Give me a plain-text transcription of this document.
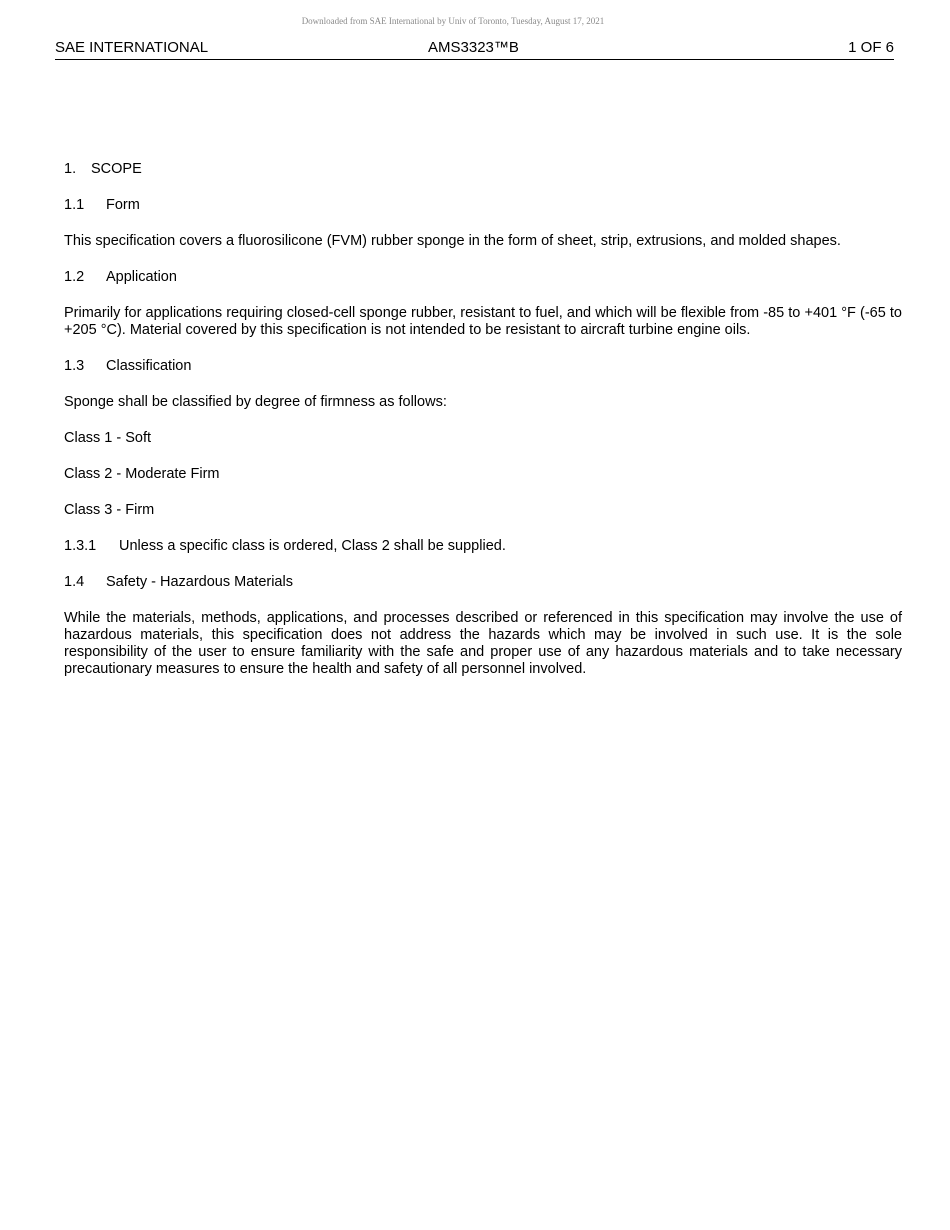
Downloaded from SAE International by Univ of Toronto, Tuesday, August 17, 2021
SAE INTERNATIONAL	AMS3323™B	1 OF 6
1. SCOPE
1.1 Form
This specification covers a fluorosilicone (FVM) rubber sponge in the form of sheet, strip, extrusions, and molded shapes.
1.2 Application
Primarily for applications requiring closed-cell sponge rubber, resistant to fuel, and which will be flexible from -85 to +401 °F (-65 to +205 °C). Material covered by this specification is not intended to be resistant to aircraft turbine engine oils.
1.3 Classification
Sponge shall be classified by degree of firmness as follows:
Class 1 - Soft
Class 2 - Moderate Firm
Class 3 - Firm
1.3.1 Unless a specific class is ordered, Class 2 shall be supplied.
1.4 Safety - Hazardous Materials
While the materials, methods, applications, and processes described or referenced in this specification may involve the use of hazardous materials, this specification does not address the hazards which may be involved in such use. It is the sole responsibility of the user to ensure familiarity with the safe and proper use of any hazardous materials and to take necessary precautionary measures to ensure the health and safety of all personnel involved.
